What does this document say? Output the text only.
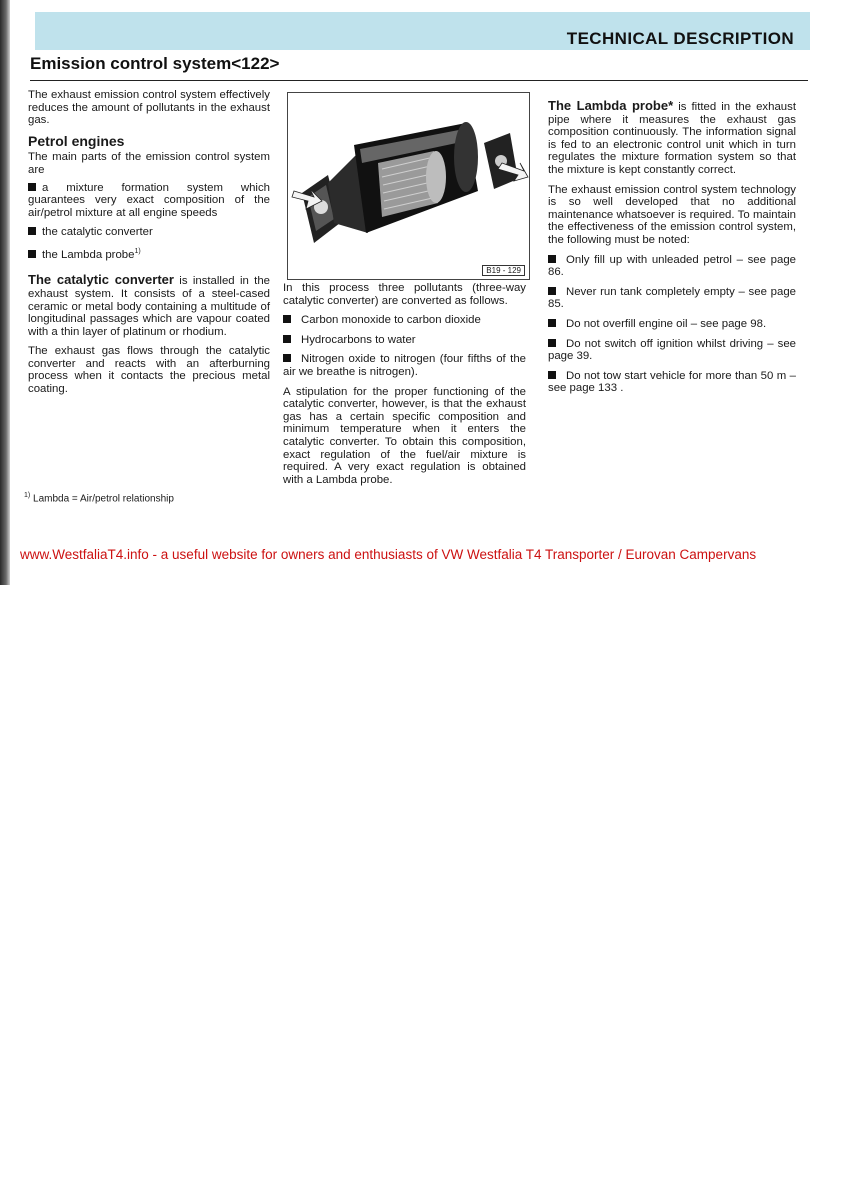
TECHNICAL DESCRIPTION
Emission control system<122>

The exhaust emission control system effectively reduces the amount of pollutants in the exhaust gas.

Petrol engines

The main parts of the emission control system are

a mixture formation system which guarantees very exact composition of the air/petrol mixture at all engine speeds

the catalytic converter

the Lambda probe$^{1)}$

The catalytic converter is installed in the exhaust system. It consists of a steel-cased ceramic or metal body containing a multitude of longitudinal passages which are vapour coated with a thin layer of platinum or rhodium.

The exhaust gas flows through the catalytic converter and reacts with an afterburning process when it contacts the precious metal coating.

B19 - 129

In this process three pollutants (three-way catalytic converter) are converted as follows.

Carbon monoxide to carbon dioxide

Hydrocarbons to water

Nitrogen oxide to nitrogen (four fifths of the air we breathe is nitrogen).

A stipulation for the proper functioning of the catalytic converter, however, is that the exhaust gas has a certain specific composition and minimum temperature when it enters the catalytic converter. To obtain this composition, exact regulation of the fuel/air mixture is required. A very exact regulation is obtained with a Lambda probe.

The Lambda probe* is fitted in the exhaust pipe where it measures the exhaust gas composition continuously. The information signal is fed to an electronic control unit which in turn regulates the mixture formation system so that the mixture is kept constantly correct.

The exhaust emission control system technology is so well developed that no additional maintenance whatsoever is required. To maintain the effectiveness of the emission control system, the following must be noted:

Only fill up with unleaded petrol – see page 86.

Never run tank completely empty – see page 85.

Do not overfill engine oil – see page 98.

Do not switch off ignition whilst driving – see page 39.

Do not tow start vehicle for more than 50 m – see page 133 .

$^{1)}$ Lambda = Air/petrol relationship
www.WestfaliaT4.info - a useful website for owners and enthusiasts of VW Westfalia T4 Transporter / Eurovan Campervans
